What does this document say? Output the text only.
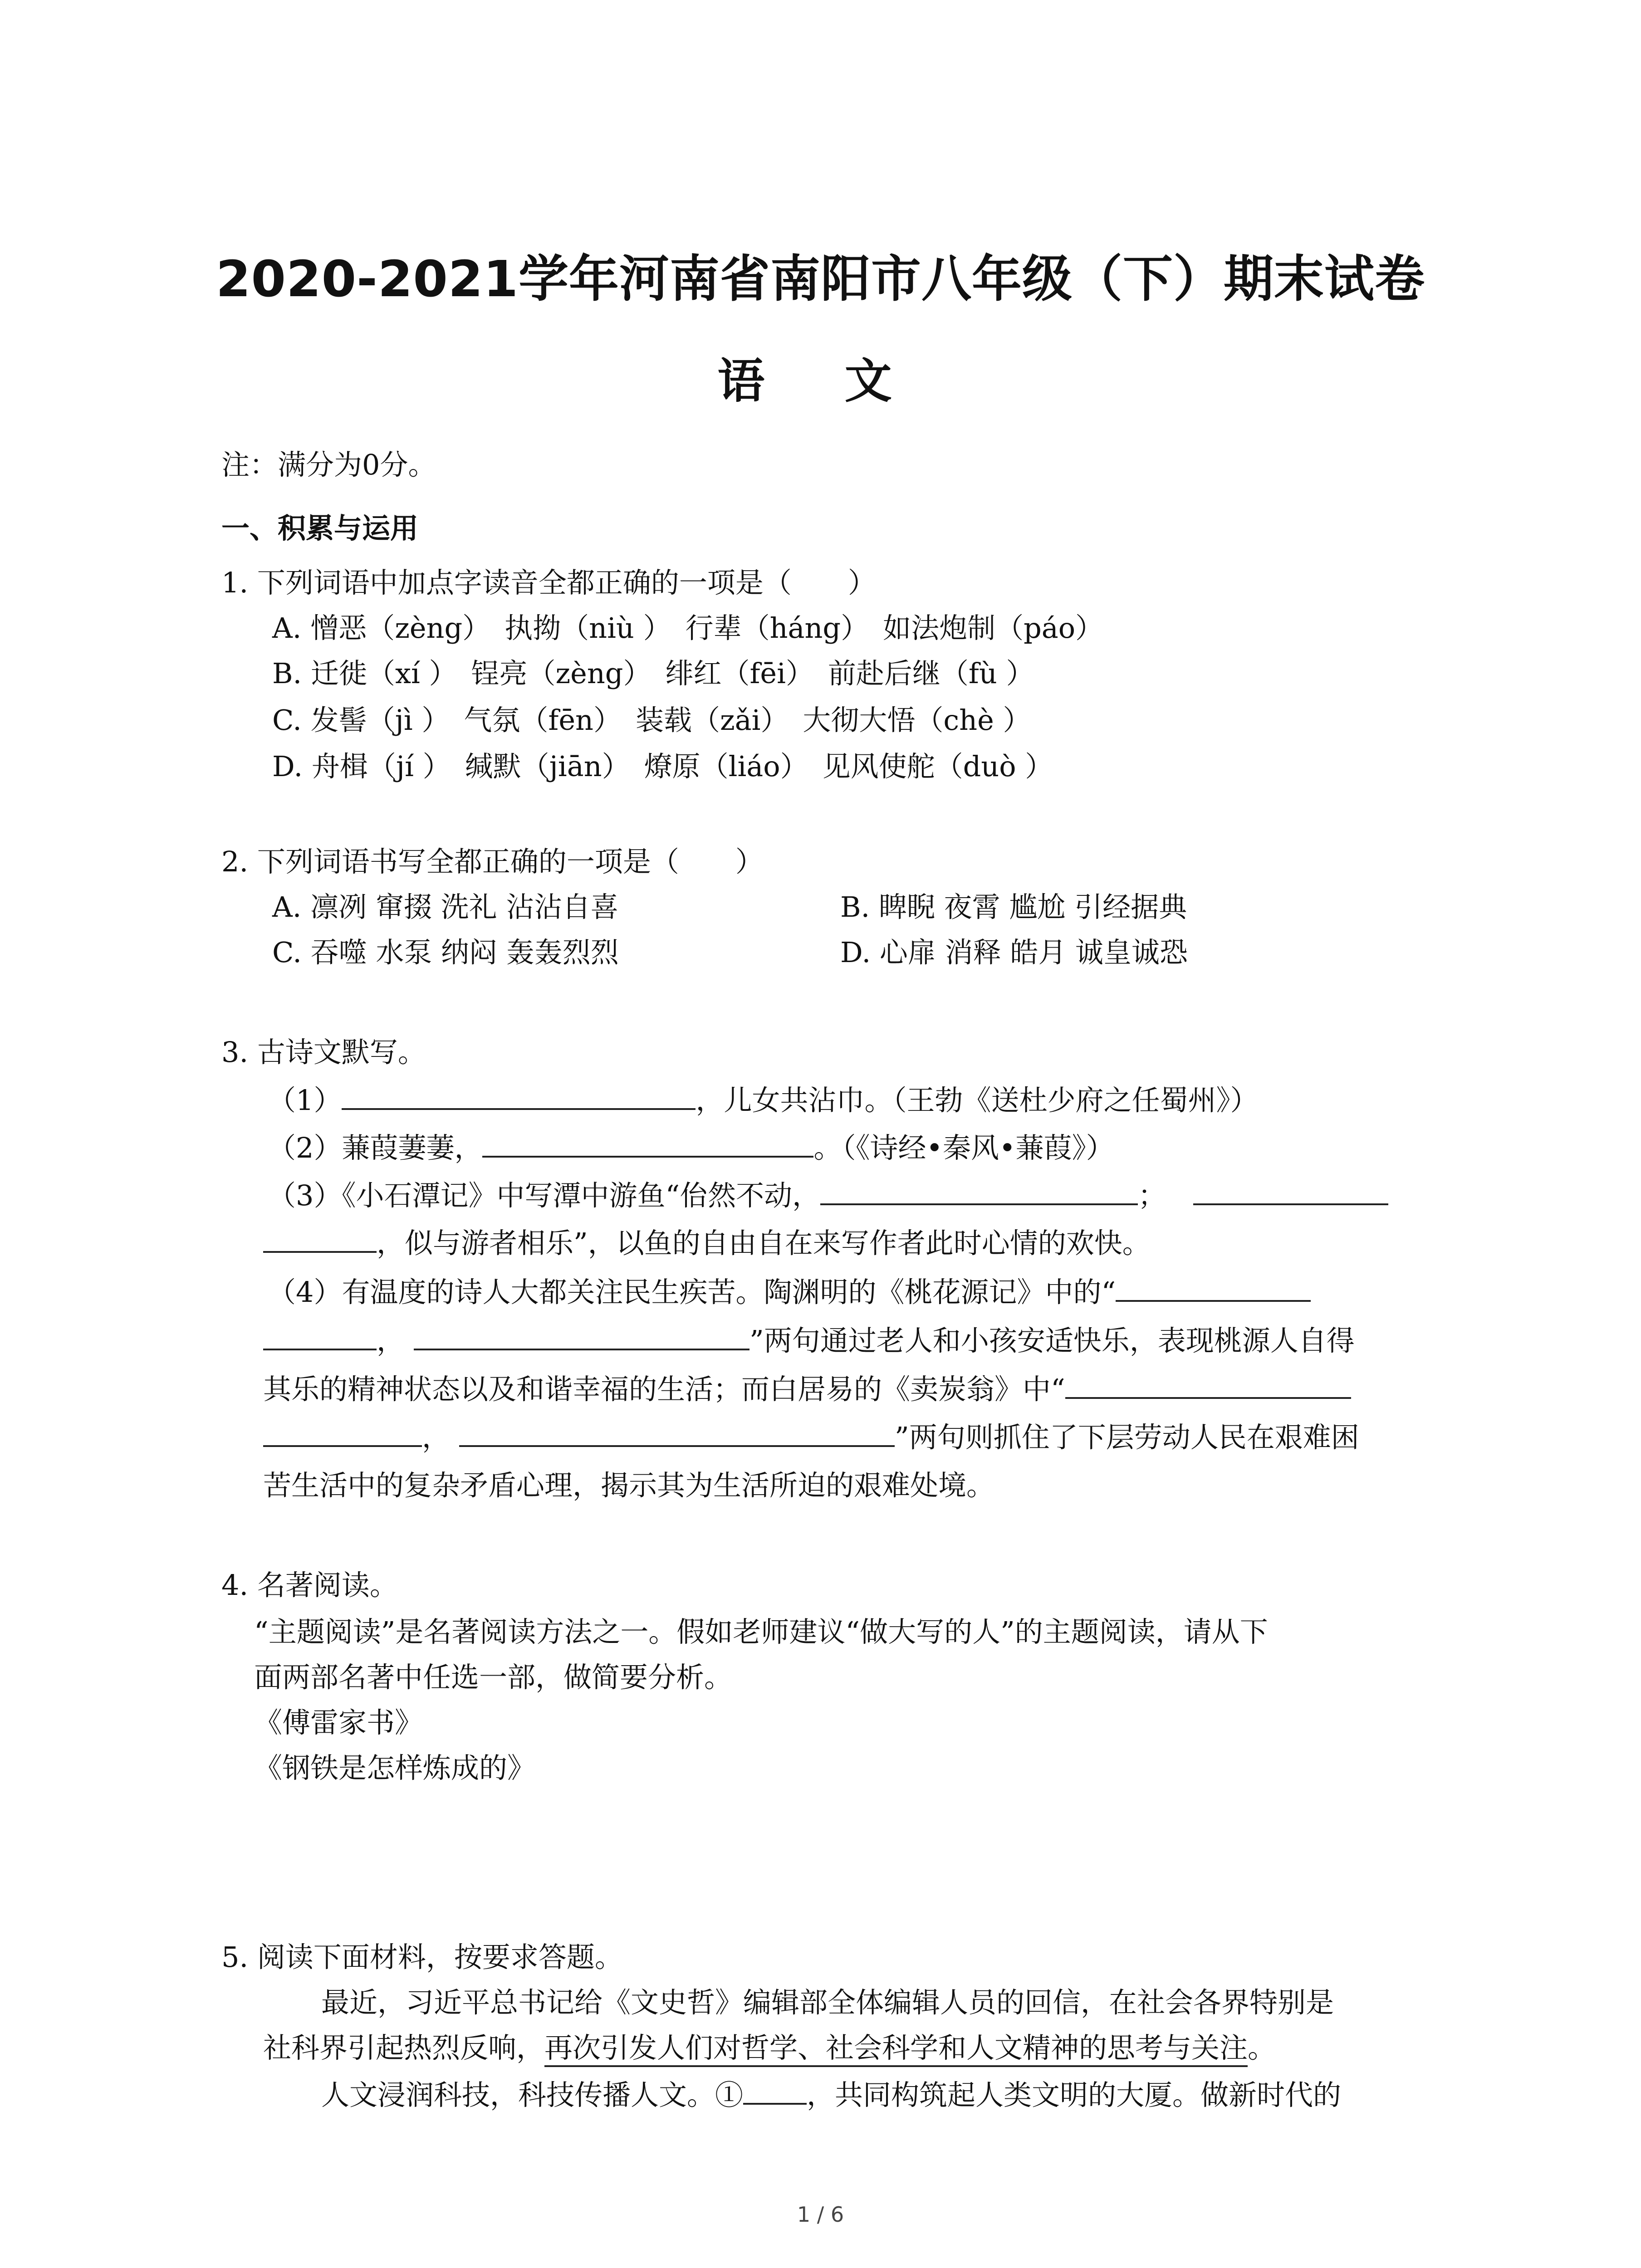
2020-2021学年河南省南阳市八年级（下）期末试卷
语 文
注：满分为0分。
一、积累与运用
1. 下列词语中加点字读音全都正确的一项是（　　）
A. 憎恶（zèng）　执拗（niù ）　行辈（háng）　如法炮制（páo）
B. 迁徙（xí ）　锃亮（zèng）　绯红（fēi）　前赴后继（fù ）
C. 发髻（jì ）　气氛（fēn）　装载（zǎi）　大彻大悟（chè ）
D. 舟楫（jí ）　缄默（jiān）　燎原（liáo）　见风使舵（duò ）
2. 下列词语书写全都正确的一项是（　　）
A. 凛冽 窜掇 洗礼 沾沾自喜	B. 睥睨 夜霄 尴尬 引经据典
C. 吞噬 水泵 纳闷 轰轰烈烈	D. 心扉 消释 皓月 诚皇诚恐
3. 古诗文默写。
（1）	，儿女共沾巾。（王勃《送杜少府之任蜀州》）
（2）蒹葭萋萋，	。（《诗经•秦风•蒹葭》）
（3）《小石潭记》中写潭中游鱼“佁然不动，	；
，似与游者相乐”，以鱼的自由自在来写作者此时心情的欢快。
（4）有温度的诗人大都关注民生疾苦。陶渊明的《桃花源记》中的“
，	”两句通过老人和小孩安适快乐，表现桃源人自得
其乐的精神状态以及和谐幸福的生活；而白居易的《卖炭翁》中“
，	”两句则抓住了下层劳动人民在艰难困
苦生活中的复杂矛盾心理，揭示其为生活所迫的艰难处境。
4. 名著阅读。
“主题阅读”是名著阅读方法之一。假如老师建议“做大写的人”的主题阅读，请从下
面两部名著中任选一部，做简要分析。
《傅雷家书》
《钢铁是怎样炼成的》
5. 阅读下面材料，按要求答题。
最近，习近平总书记给《文史哲》编辑部全体编辑人员的回信，在社会各界特别是
社科界引起热烈反响，再次引发人们对哲学、社会科学和人文精神的思考与关注。
人文浸润科技，科技传播人文。① ，共同构筑起人类文明的大厦。做新时代的
1 / 6
